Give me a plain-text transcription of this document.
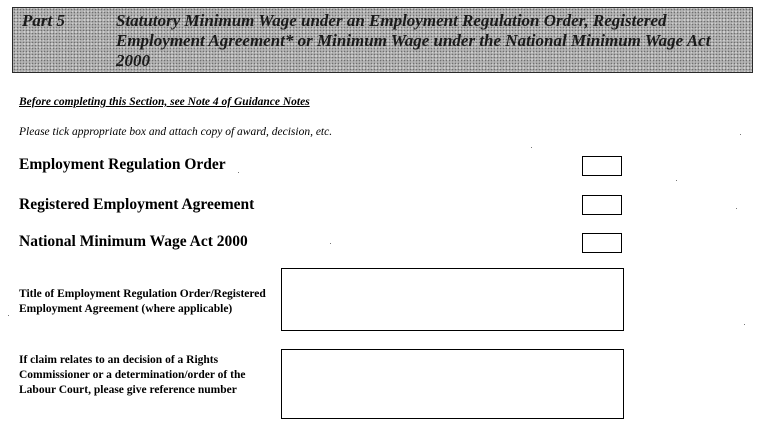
Part 5	Statutory Minimum Wage under an Employment Regulation Order, Registered Employment Agreement* or Minimum Wage under the National Minimum Wage Act 2000
Before completing this Section, see Note 4 of Guidance Notes
Please tick appropriate box and attach copy of award, decision, etc.
Employment Regulation Order
Registered Employment Agreement
National Minimum Wage Act 2000
Title of Employment Regulation Order/Registered Employment Agreement (where applicable)
If claim relates to an decision of a Rights Commissioner or a determination/order of the Labour Court, please give reference number
